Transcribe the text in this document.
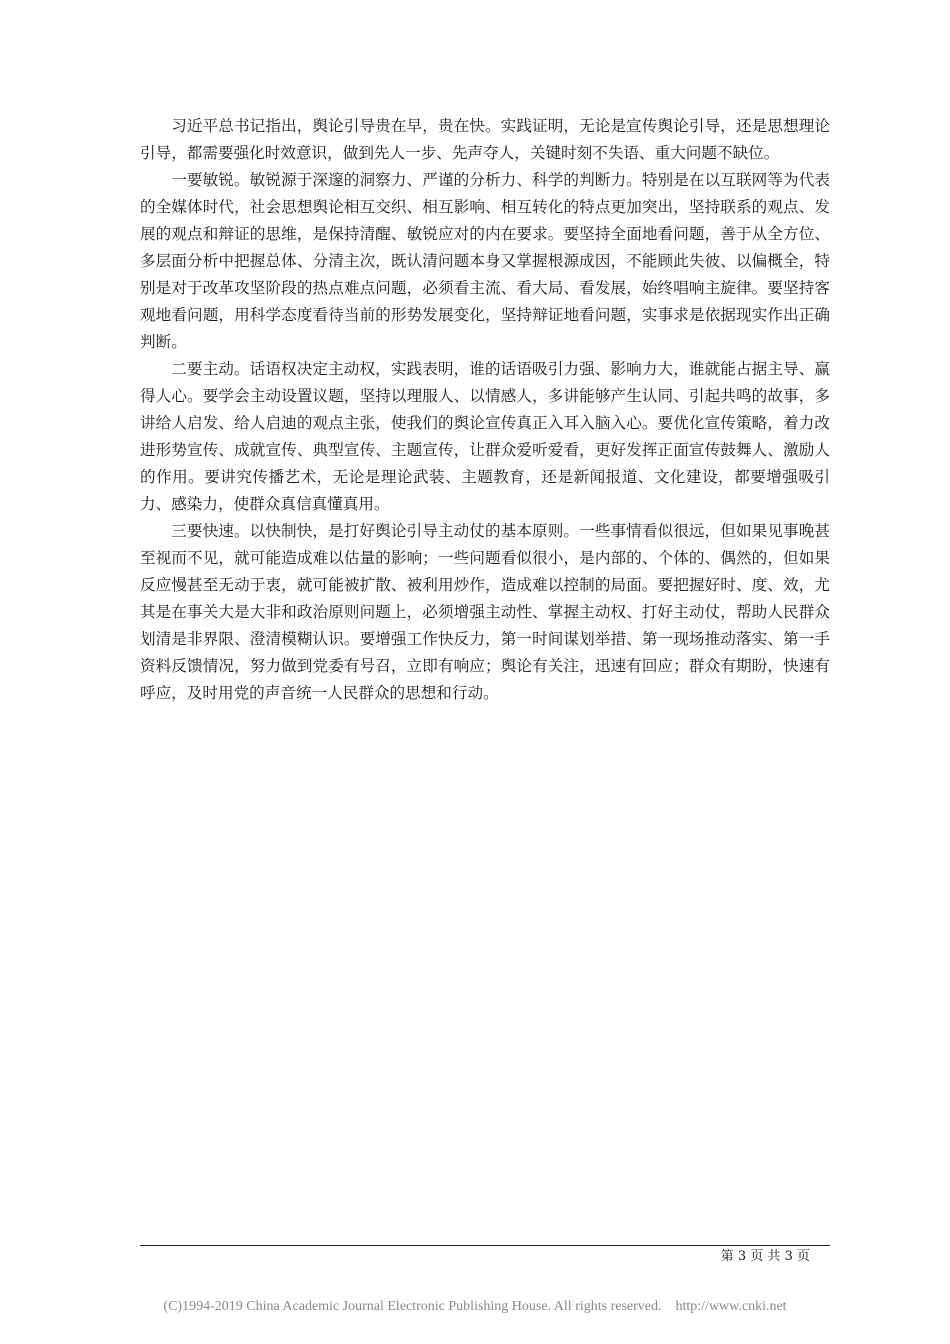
习近平总书记指出，舆论引导贵在早，贵在快。实践证明，无论是宣传舆论引导，还是思想理论引导，都需要强化时效意识，做到先人一步、先声夺人，关键时刻不失语、重大问题不缺位。

一要敏锐。敏锐源于深邃的洞察力、严谨的分析力、科学的判断力。特别是在以互联网等为代表的全媒体时代，社会思想舆论相互交织、相互影响、相互转化的特点更加突出，坚持联系的观点、发展的观点和辩证的思维，是保持清醒、敏锐应对的内在要求。要坚持全面地看问题，善于从全方位、多层面分析中把握总体、分清主次，既认清问题本身又掌握根源成因，不能顾此失彼、以偏概全，特别是对于改革攻坚阶段的热点难点问题，必须看主流、看大局、看发展，始终唱响主旋律。要坚持客观地看问题，用科学态度看待当前的形势发展变化，坚持辩证地看问题，实事求是依据现实作出正确判断。

二要主动。话语权决定主动权，实践表明，谁的话语吸引力强、影响力大，谁就能占据主导、赢得人心。要学会主动设置议题，坚持以理服人、以情感人，多讲能够产生认同、引起共鸣的故事，多讲给人启发、给人启迪的观点主张，使我们的舆论宣传真正入耳入脑入心。要优化宣传策略，着力改进形势宣传、成就宣传、典型宣传、主题宣传，让群众爱听爱看，更好发挥正面宣传鼓舞人、激励人的作用。要讲究传播艺术，无论是理论武装、主题教育，还是新闻报道、文化建设，都要增强吸引力、感染力，使群众真信真懂真用。

三要快速。以快制快，是打好舆论引导主动仗的基本原则。一些事情看似很远，但如果见事晚甚至视而不见，就可能造成难以估量的影响；一些问题看似很小，是内部的、个体的、偶然的，但如果反应慢甚至无动于衷，就可能被扩散、被利用炒作，造成难以控制的局面。要把握好时、度、效，尤其是在事关大是大非和政治原则问题上，必须增强主动性、掌握主动权、打好主动仗，帮助人民群众划清是非界限、澄清模糊认识。要增强工作快反力，第一时间谋划举措、第一现场推动落实、第一手资料反馈情况，努力做到党委有号召，立即有响应；舆论有关注，迅速有回应；群众有期盼，快速有呼应，及时用党的声音统一人民群众的思想和行动。

第 3 页 共 3 页
(C)1994-2019 China Academic Journal Electronic Publishing House. All rights reserved.    http://www.cnki.net
